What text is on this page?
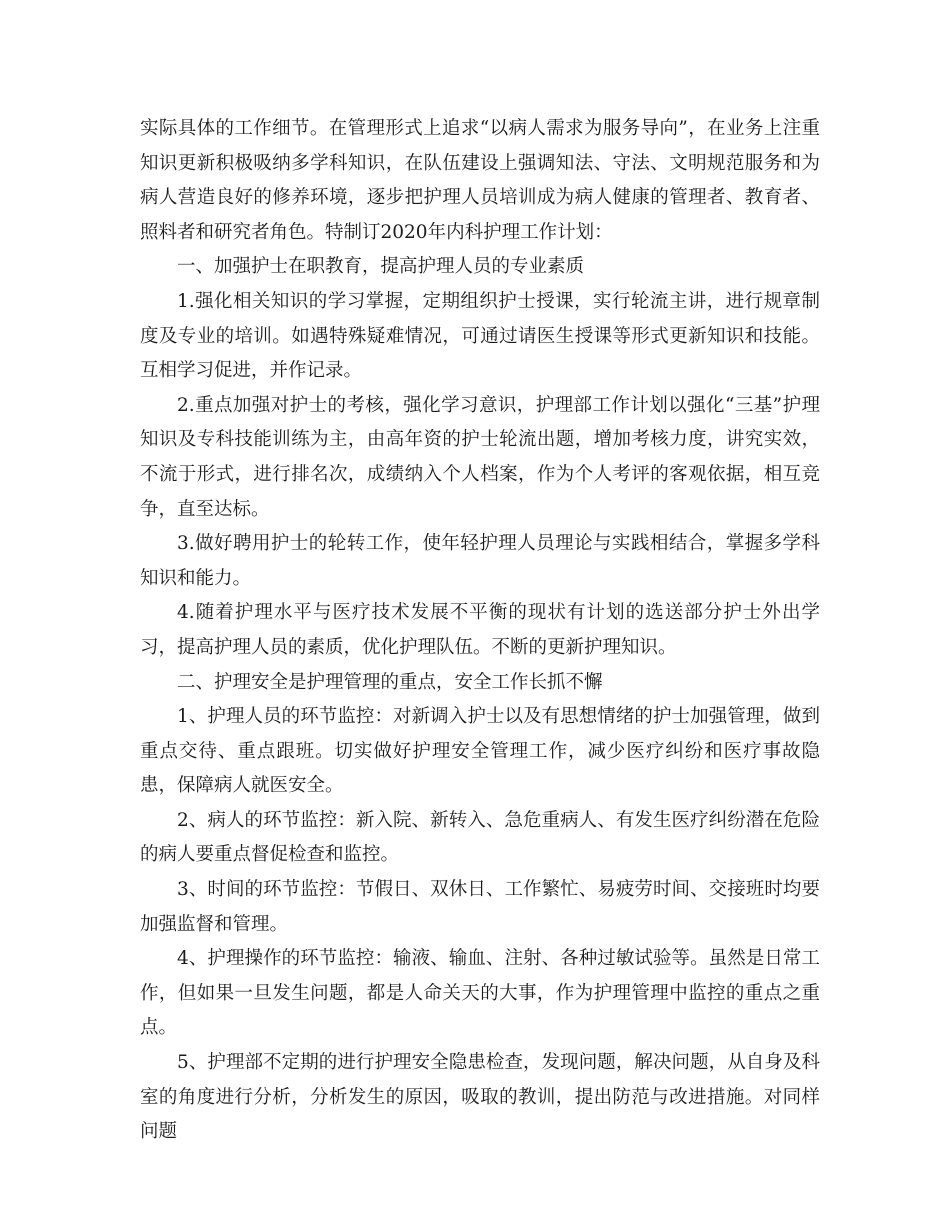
实际具体的工作细节。在管理形式上追求“以病人需求为服务导向”，在业务上注重知识更新积极吸纳多学科知识，在队伍建设上强调知法、守法、文明规范服务和为病人营造良好的修养环境，逐步把护理人员培训成为病人健康的管理者、教育者、照料者和研究者角色。特制订2020年内科护理工作计划：

一、加强护士在职教育，提高护理人员的专业素质

1.强化相关知识的学习掌握，定期组织护士授课，实行轮流主讲，进行规章制度及专业的培训。如遇特殊疑难情况，可通过请医生授课等形式更新知识和技能。互相学习促进，并作记录。

2.重点加强对护士的考核，强化学习意识，护理部工作计划以强化“三基”护理知识及专科技能训练为主，由高年资的护士轮流出题，增加考核力度，讲究实效，不流于形式，进行排名次，成绩纳入个人档案，作为个人考评的客观依据，相互竞争，直至达标。

3.做好聘用护士的轮转工作，使年轻护理人员理论与实践相结合，掌握多学科知识和能力。

4.随着护理水平与医疗技术发展不平衡的现状有计划的选送部分护士外出学习，提高护理人员的素质，优化护理队伍。不断的更新护理知识。

二、护理安全是护理管理的重点，安全工作长抓不懈

1、护理人员的环节监控：对新调入护士以及有思想情绪的护士加强管理，做到重点交待、重点跟班。切实做好护理安全管理工作，减少医疗纠纷和医疗事故隐患，保障病人就医安全。

2、病人的环节监控：新入院、新转入、急危重病人、有发生医疗纠纷潜在危险的病人要重点督促检查和监控。

3、时间的环节监控：节假日、双休日、工作繁忙、易疲劳时间、交接班时均要加强监督和管理。

4、护理操作的环节监控：输液、输血、注射、各种过敏试验等。虽然是日常工作，但如果一旦发生问题，都是人命关天的大事，作为护理管理中监控的重点之重点。

5、护理部不定期的进行护理安全隐患检查，发现问题，解决问题，从自身及科室的角度进行分析，分析发生的原因，吸取的教训，提出防范与改进措施。对同样问题
